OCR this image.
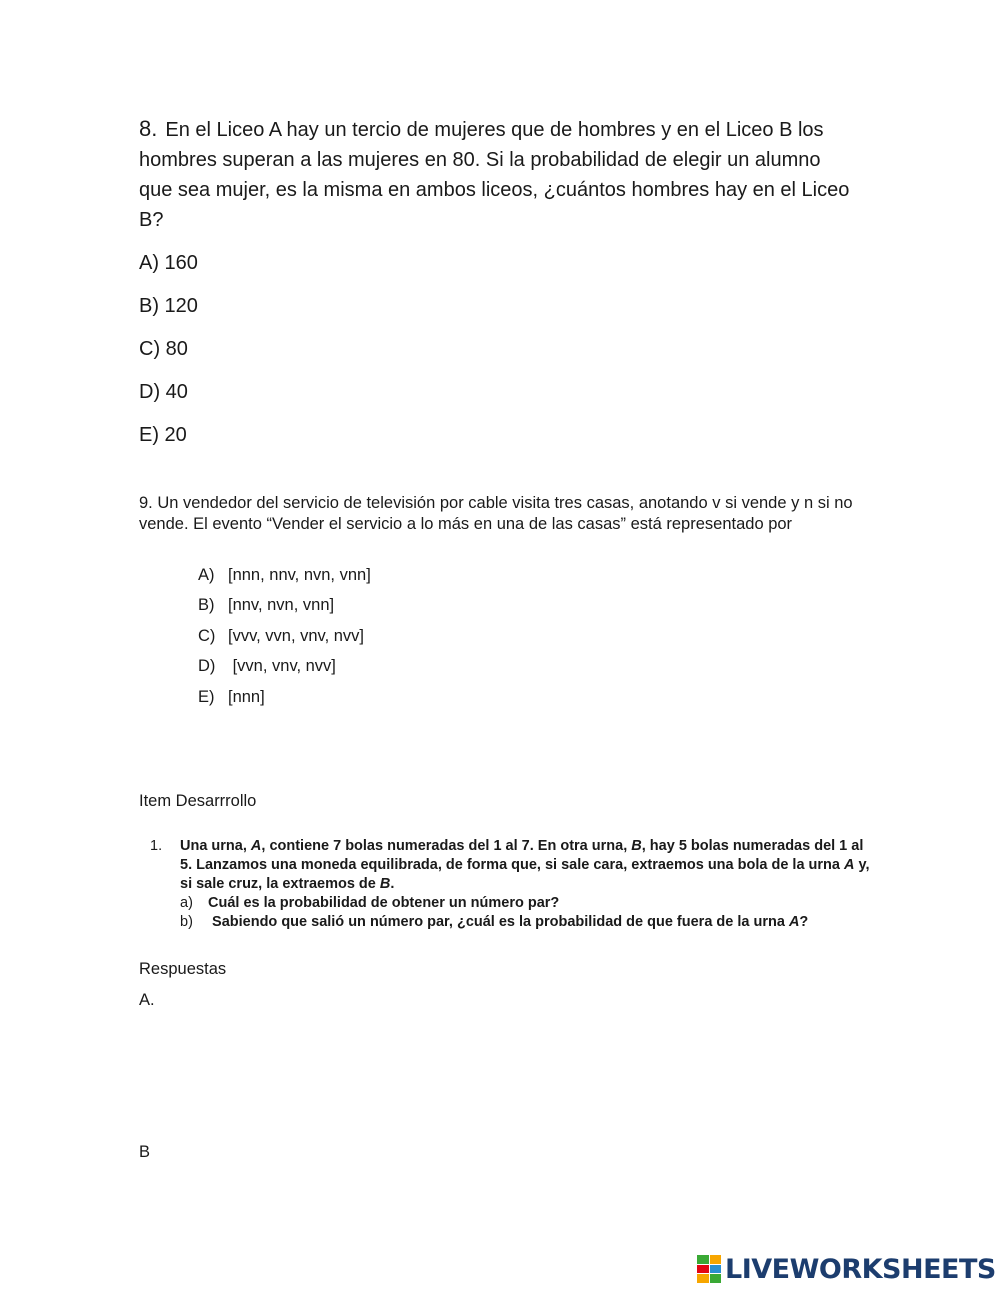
8. En el Liceo A hay un tercio de mujeres que de hombres y en el Liceo B los hombres superan a las mujeres en 80. Si la probabilidad de elegir un alumno que sea mujer, es la misma en ambos liceos, ¿cuántos hombres hay en el Liceo B?
A) 160
B) 120
C) 80
D) 40
E) 20
9. Un vendedor del servicio de televisión por cable visita tres casas, anotando v si vende y n si no vende. El evento “Vender el servicio a lo más en una de las casas” está representado por
A) [nnn, nnv, nvn, vnn]
B) [nnv, nvn, vnn]
C) [vvv, vvn, vnv, nvv]
D) [vvn, vnv, nvv]
E) [nnn]
Item Desarrrollo
1. Una urna, A, contiene 7 bolas numeradas del 1 al 7. En otra urna, B, hay 5 bolas numeradas del 1 al 5. Lanzamos una moneda equilibrada, de forma que, si sale cara, extraemos una bola de la urna A y, si sale cruz, la extraemos de B.
a) Cuál es la probabilidad de obtener un número par?
b) Sabiendo que salió un número par, ¿cuál es la probabilidad de que fuera de la urna A?
Respuestas
A.
B
LIVEWORKSHEETS
